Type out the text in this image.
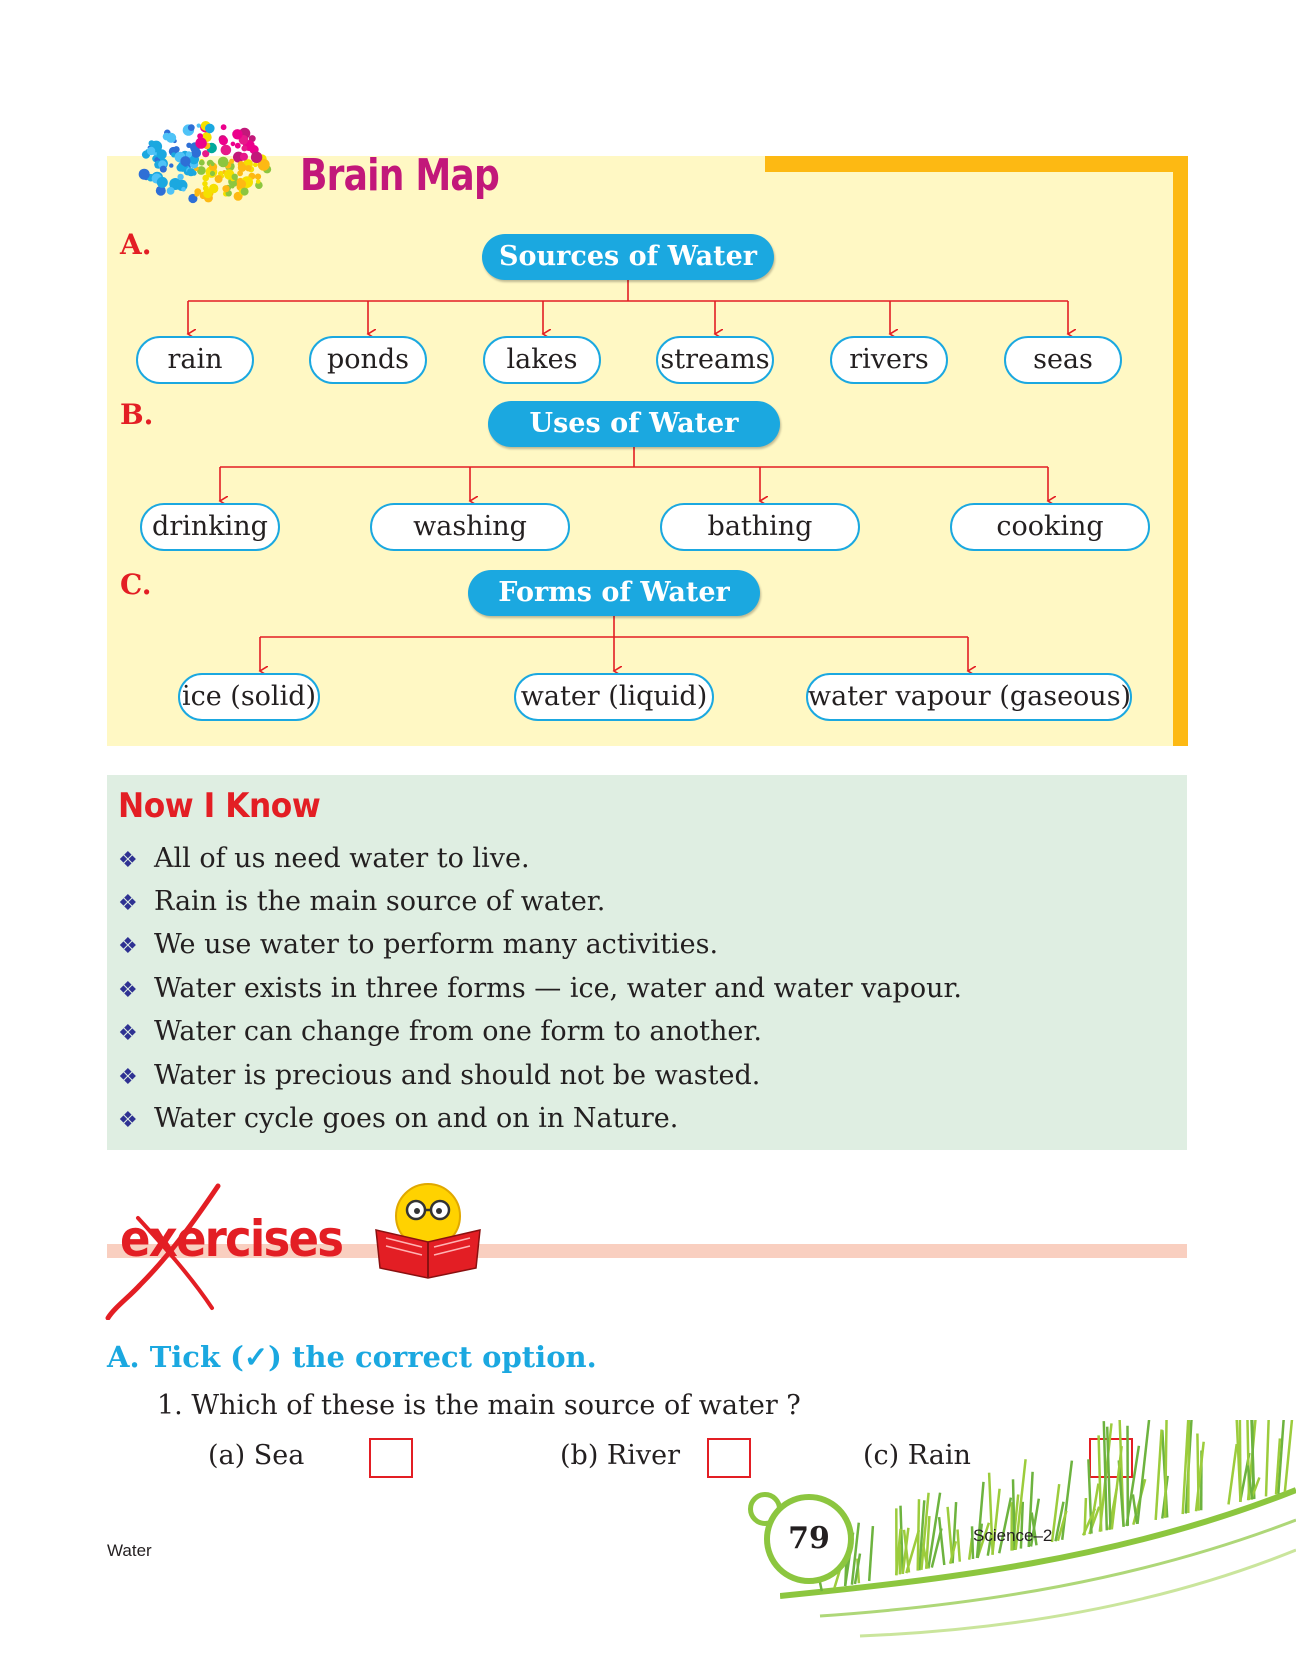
Brain Map
A.	Sources of Water
rain	ponds	lakes	streams	rivers	seas
B.	Uses of Water
drinking	washing	bathing	cooking
C.	Forms of Water
ice (solid)	water (liquid)	water vapour (gaseous)
Now I Know
❖ All of us need water to live.
❖ Rain is the main source of water.
❖ We use water to perform many activities.
❖ Water exists in three forms — ice, water and water vapour.
❖ Water can change from one form to another.
❖ Water is precious and should not be wasted.
❖ Water cycle goes on and on in Nature.
exercises
A. Tick (✓) the correct option.
1. Which of these is the main source of water ?
(a) Sea	(b) River	(c) Rain
79
Water
Science–2
